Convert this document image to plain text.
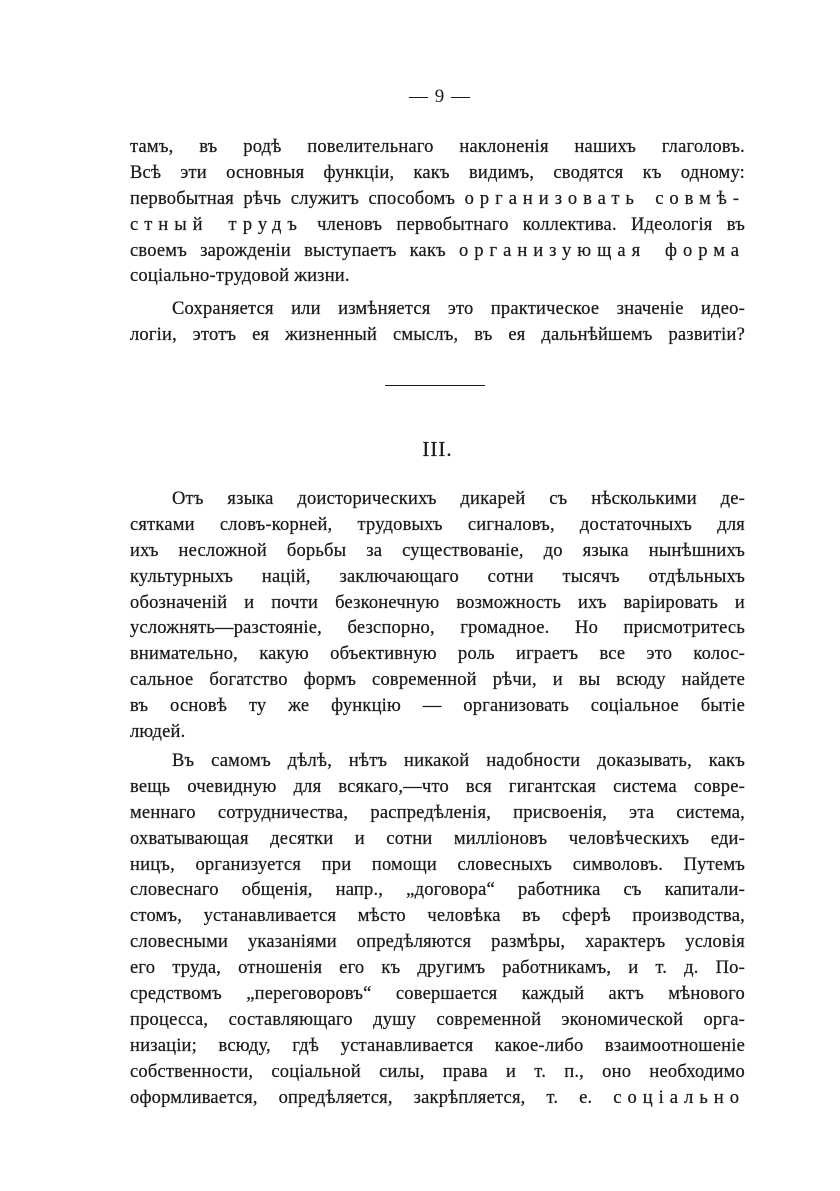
— 9 —
тамъ, въ родѣ повелительнаго наклоненія нашихъ глаголовъ.
Всѣ эти основныя функціи, какъ видимъ, сводятся къ одному:
первобытная рѣчь служитъ способомъ организовать совмѣ-
стный трудъ членовъ первобытнаго коллектива. Идеологія въ
своемъ зарожденіи выступаетъ какъ организующая форма
соціально-трудовой жизни.
Сохраняется или измѣняется это практическое значеніе идео-
логіи, этотъ ея жизненный смыслъ, въ ея дальнѣйшемъ развитіи?
III.
Отъ языка доисторическихъ дикарей съ нѣсколькими де-
сятками словъ-корней, трудовыхъ сигналовъ, достаточныхъ для
ихъ несложной борьбы за существованіе, до языка нынѣшнихъ
культурныхъ націй, заключающаго сотни тысячъ отдѣльныхъ
обозначеній и почти безконечную возможность ихъ варіировать и
усложнять—разстояніе, безспорно, громадное. Но присмотритесь
внимательно, какую объективную роль играетъ все это колос-
сальное богатство формъ современной рѣчи, и вы всюду найдете
въ основѣ ту же функцію — организовать соціальное бытіе
людей.
Въ самомъ дѣлѣ, нѣтъ никакой надобности доказывать, какъ
вещь очевидную для всякаго,—что вся гигантская система совре-
меннаго сотрудничества, распредѣленія, присвоенія, эта система,
охватывающая десятки и сотни милліоновъ человѣческихъ еди-
ницъ, организуется при помощи словесныхъ символовъ. Путемъ
словеснаго общенія, напр., „договора“ работника съ капитали-
стомъ, устанавливается мѣсто человѣка въ сферѣ производства,
словесными указаніями опредѣляются размѣры, характеръ условія
его труда, отношенія его къ другимъ работникамъ, и т. д. По-
средствомъ „переговоровъ“ совершается каждый актъ мѣнового
процесса, составляющаго душу современной экономической орга-
низаціи; всюду, гдѣ устанавливается какое-либо взаимоотношеніе
собственности, соціальной силы, права и т. п., оно необходимо
оформливается, опредѣляется, закрѣпляется, т. е. соціально
